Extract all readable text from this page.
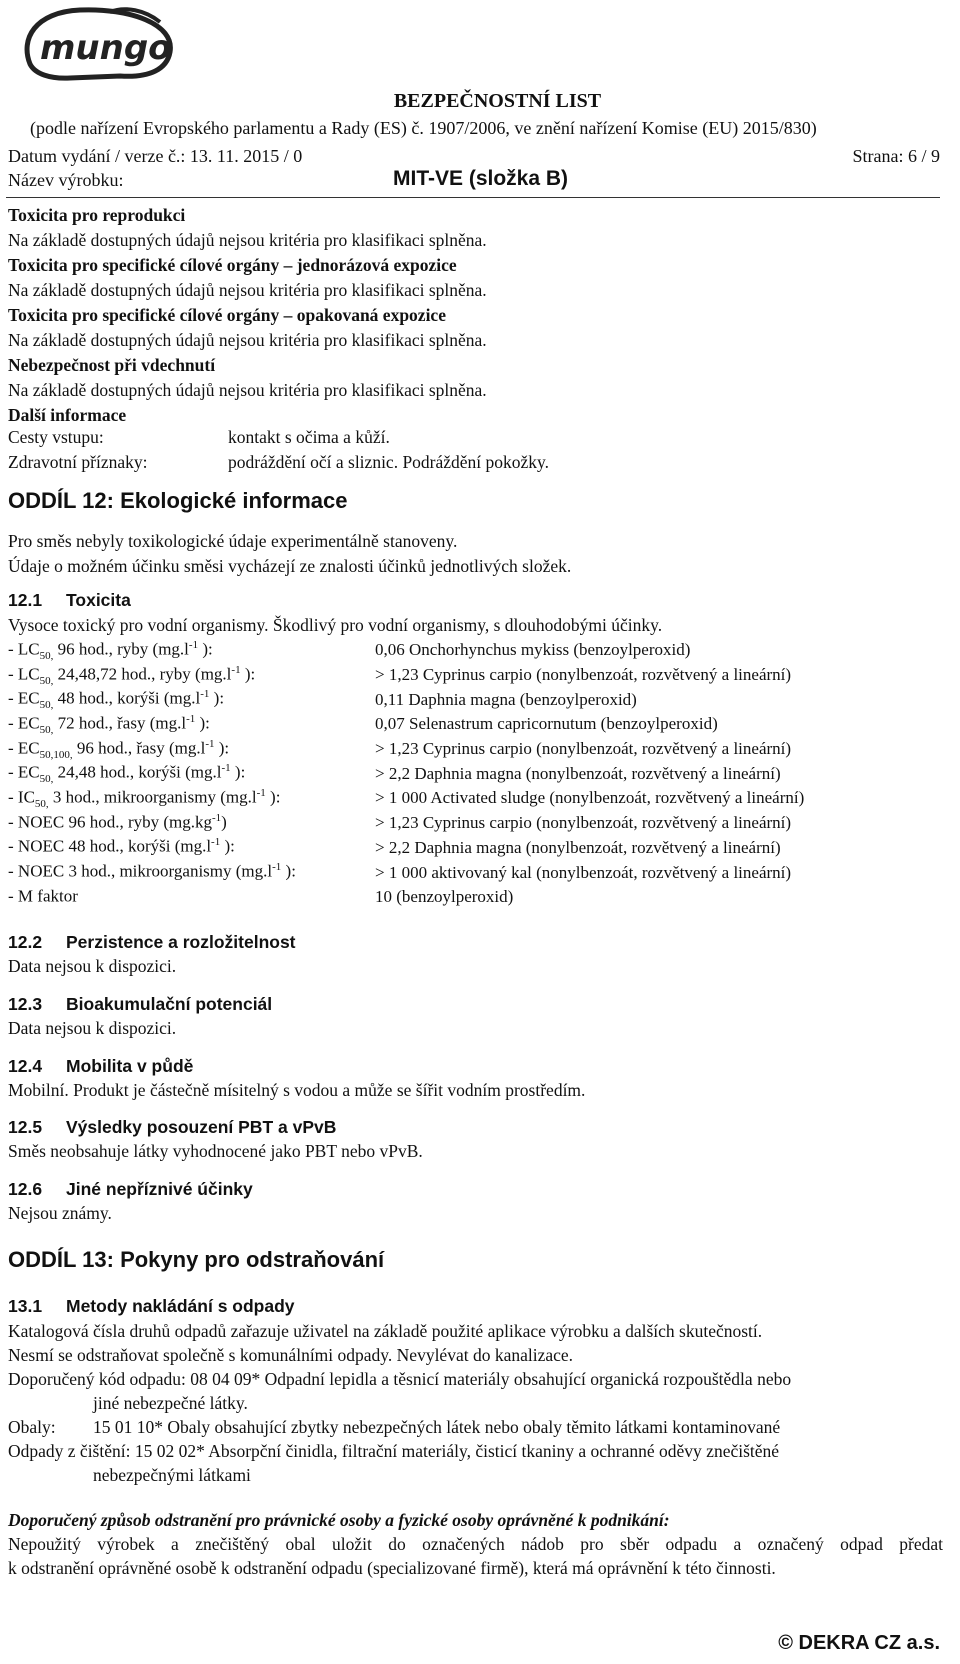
mungo
BEZPEČNOSTNÍ LIST
(podle nařízení Evropského parlamentu a Rady (ES) č. 1907/2006, ve znění nařízení Komise (EU) 2015/830)
Datum vydání / verze č.: 13. 11. 2015 / 0	Strana: 6 / 9
Název výrobku:	MIT-VE (složka B)
Toxicita pro reprodukci
Na základě dostupných údajů nejsou kritéria pro klasifikaci splněna.
Toxicita pro specifické cílové orgány – jednorázová expozice
Na základě dostupných údajů nejsou kritéria pro klasifikaci splněna.
Toxicita pro specifické cílové orgány – opakovaná expozice
Na základě dostupných údajů nejsou kritéria pro klasifikaci splněna.
Nebezpečnost při vdechnutí
Na základě dostupných údajů nejsou kritéria pro klasifikaci splněna.
Další informace
Cesty vstupu:	kontakt s očima a kůží.
Zdravotní příznaky:	podráždění očí a sliznic. Podráždění pokožky.
ODDÍL 12: Ekologické informace
Pro směs nebyly toxikologické údaje experimentálně stanoveny.
Údaje o možném účinku směsi vycházejí ze znalosti účinků jednotlivých složek.
12.1 Toxicita
Vysoce toxický pro vodní organismy. Škodlivý pro vodní organismy, s dlouhodobými účinky.
- $LC_{50,}$ 96 hod., ryby ($mg.l^{-1}$ ):	0,06 Onchorhynchus mykiss (benzoylperoxid)
- $LC_{50,}$ 24,48,72 hod., ryby ($mg.l^{-1}$ ):	> 1,23 Cyprinus carpio (nonylbenzoát, rozvětvený a lineární)
- $EC_{50,}$ 48 hod., korýši ($mg.l^{-1}$ ):	0,11 Daphnia magna (benzoylperoxid)
- $EC_{50,}$ 72 hod., řasy ($mg.l^{-1}$ ):	0,07 Selenastrum capricornutum (benzoylperoxid)
- $EC_{50,100,}$ 96 hod., řasy ($mg.l^{-1}$ ):	> 1,23 Cyprinus carpio (nonylbenzoát, rozvětvený a lineární)
- $EC_{50,}$ 24,48 hod., korýši ($mg.l^{-1}$ ):	> 2,2 Daphnia magna (nonylbenzoát, rozvětvený a lineární)
- $IC_{50,}$ 3 hod., mikroorganismy ($mg.l^{-1}$ ):	> 1 000 Activated sludge (nonylbenzoát, rozvětvený a lineární)
- NOEC 96 hod., ryby $(mg.kg^{-1})$	> 1,23 Cyprinus carpio (nonylbenzoát, rozvětvený a lineární)
- NOEC 48 hod., korýši ($mg.l^{-1}$ ):	> 2,2 Daphnia magna (nonylbenzoát, rozvětvený a lineární)
- NOEC 3 hod., mikroorganismy ($mg.l^{-1}$ ):	> 1 000 aktivovaný kal (nonylbenzoát, rozvětvený a lineární)
- M faktor	10 (benzoylperoxid)
12.2 Perzistence a rozložitelnost
Data nejsou k dispozici.
12.3 Bioakumulační potenciál
Data nejsou k dispozici.
12.4 Mobilita v půdě
Mobilní. Produkt je částečně mísitelný s vodou a může se šířit vodním prostředím.
12.5 Výsledky posouzení PBT a vPvB
Směs neobsahuje látky vyhodnocené jako PBT nebo vPvB.
12.6 Jiné nepříznivé účinky
Nejsou známy.
ODDÍL 13: Pokyny pro odstraňování
13.1 Metody nakládání s odpady
Katalogová čísla druhů odpadů zařazuje uživatel na základě použité aplikace výrobku a dalších skutečností.
Nesmí se odstraňovat společně s komunálními odpady. Nevylévat do kanalizace.
Doporučený kód odpadu: 08 04 09* Odpadní lepidla a těsnicí materiály obsahující organická rozpouštědla nebo
jiné nebezpečné látky.
Obaly: 15 01 10* Obaly obsahující zbytky nebezpečných látek nebo obaly těmito látkami kontaminované
Odpady z čištění: 15 02 02* Absorpční činidla, filtrační materiály, čisticí tkaniny a ochranné oděvy znečištěné
nebezpečnými látkami
Doporučený způsob odstranění pro právnické osoby a fyzické osoby oprávněné k podnikání:
Nepoužitý výrobek a znečištěný obal uložit do označených nádob pro sběr odpadu a označený odpad předat
k odstranění oprávněné osobě k odstranění odpadu (specializované firmě), která má oprávnění k této činnosti.
© DEKRA CZ a.s.
